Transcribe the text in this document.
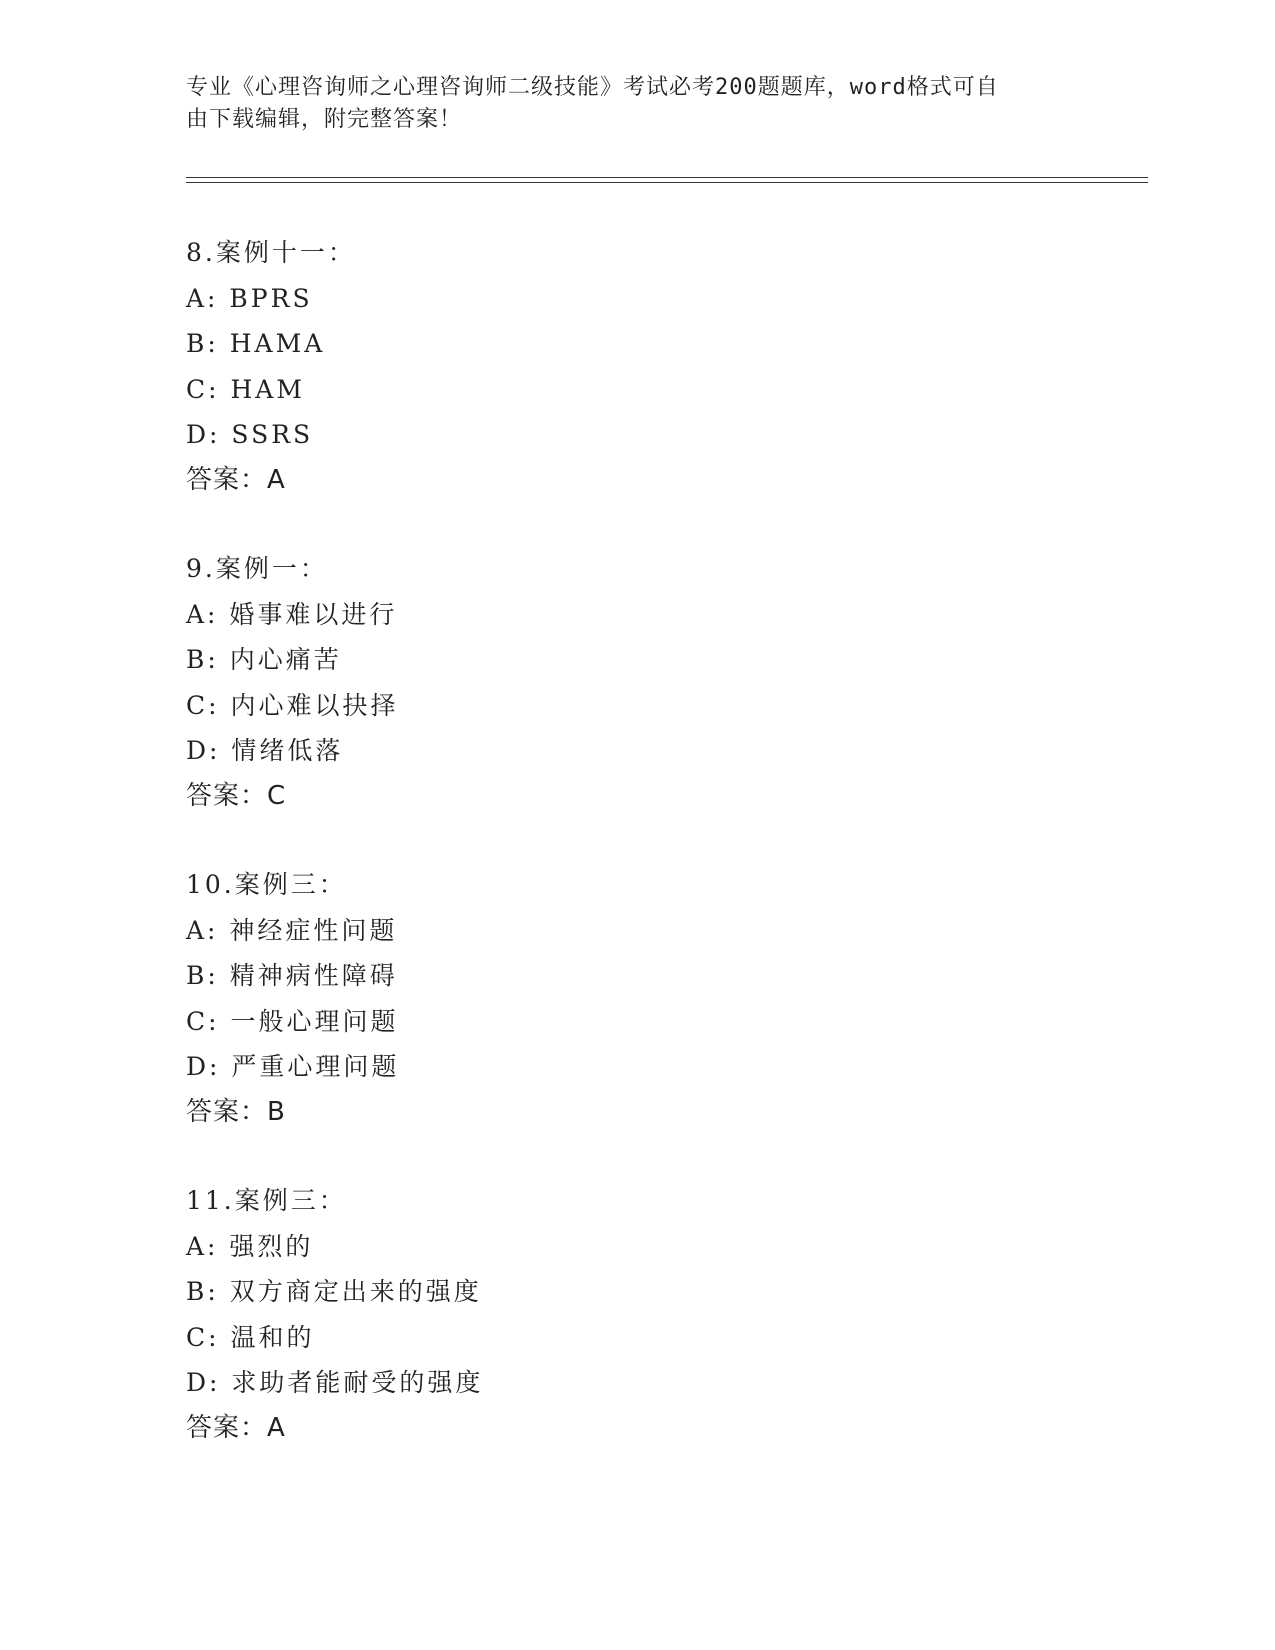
专业《心理咨询师之心理咨询师二级技能》考试必考200题题库，word格式可自
由下载编辑，附完整答案！
8.案例十一：
A: BPRS
B: HAMA
C: HAM
D: SSRS
答案：A
9.案例一：
A: 婚事难以进行
B: 内心痛苦
C: 内心难以抉择
D: 情绪低落
答案：C
10.案例三：
A: 神经症性问题
B: 精神病性障碍
C: 一般心理问题
D: 严重心理问题
答案：B
11.案例三：
A: 强烈的
B: 双方商定出来的强度
C: 温和的
D: 求助者能耐受的强度
答案：A
